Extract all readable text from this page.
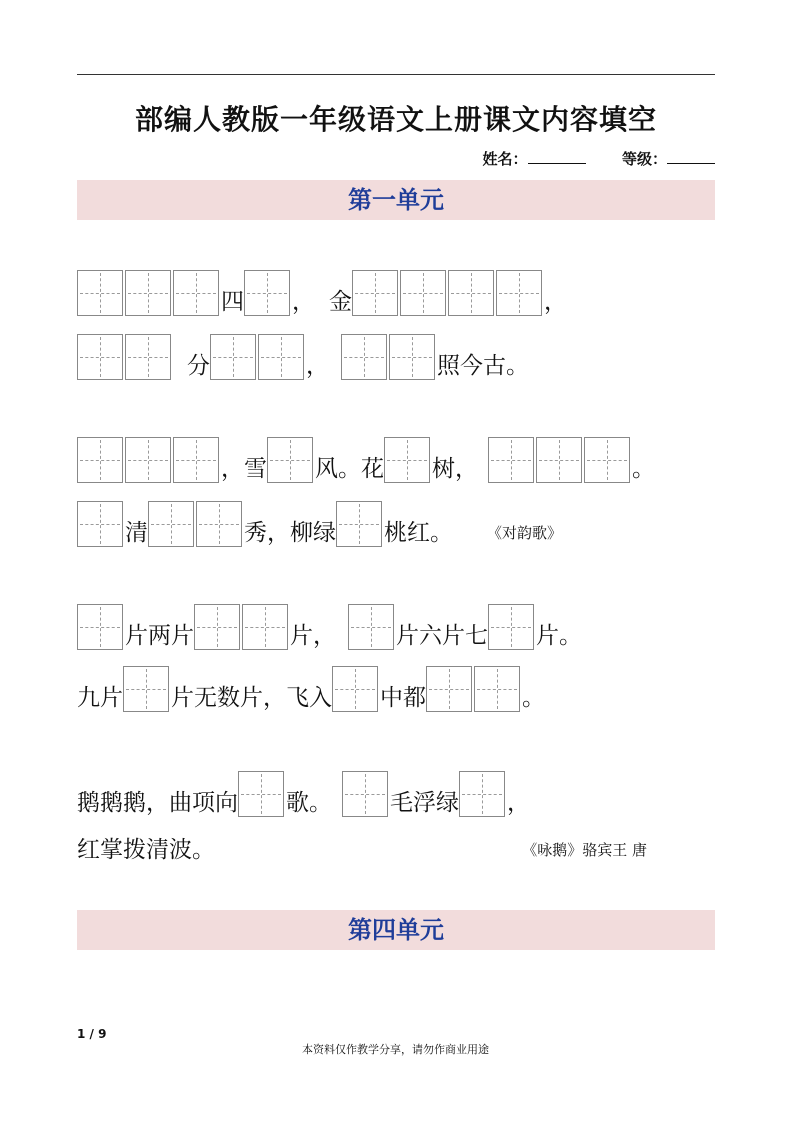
部编人教版一年级语文上册课文内容填空
姓名：	等级：
第一单元
四 ， 金	，
分	，	照今古。
，雪 风。花 树，	。
清	秀，柳绿 桃红。 《对韵歌》
片两片	片，	片六片七 片。
九片 片无数片，飞入 中都	。
鹅鹅鹅，曲项向 歌。	毛浮绿 ，
红掌拨清波。	《咏鹅》骆宾王 唐
第四单元
1 / 9
本资料仅作教学分享，请勿作商业用途
